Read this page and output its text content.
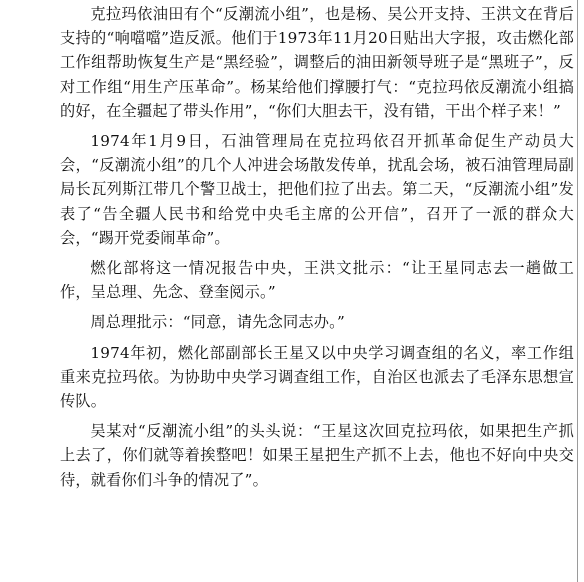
克拉玛依油田有个“反潮流小组”，也是杨、吴公开支持、王洪文在背后支持的“响噹噹”造反派。他们于1973年11月20日贴出大字报，攻击燃化部工作组帮助恢复生产是“黑经验”，调整后的油田新领导班子是“黑班子”，反对工作组“用生产压革命”。杨某给他们撑腰打气：“克拉玛依反潮流小组搞的好，在全疆起了带头作用”，“你们大胆去干，没有错，干出个样子来！”

1974年1月9日，石油管理局在克拉玛依召开抓革命促生产动员大会，“反潮流小组”的几个人冲进会场散发传单，扰乱会场，被石油管理局副局长瓦列斯江带几个警卫战士，把他们拉了出去。第二天，“反潮流小组”发表了“告全疆人民书和给党中央毛主席的公开信”，召开了一派的群众大会，“踢开党委闹革命”。

燃化部将这一情况报告中央，王洪文批示：“让王星同志去一趟做工作，呈总理、先念、登奎阅示。”

周总理批示：“同意，请先念同志办。”

1974年初，燃化部副部长王星又以中央学习调查组的名义，率工作组重来克拉玛依。为协助中央学习调查组工作，自治区也派去了毛泽东思想宣传队。

吴某对“反潮流小组”的头头说：“王星这次回克拉玛依，如果把生产抓上去了，你们就等着挨整吧！如果王星把生产抓不上去，他也不好向中央交待，就看你们斗争的情况了”。
